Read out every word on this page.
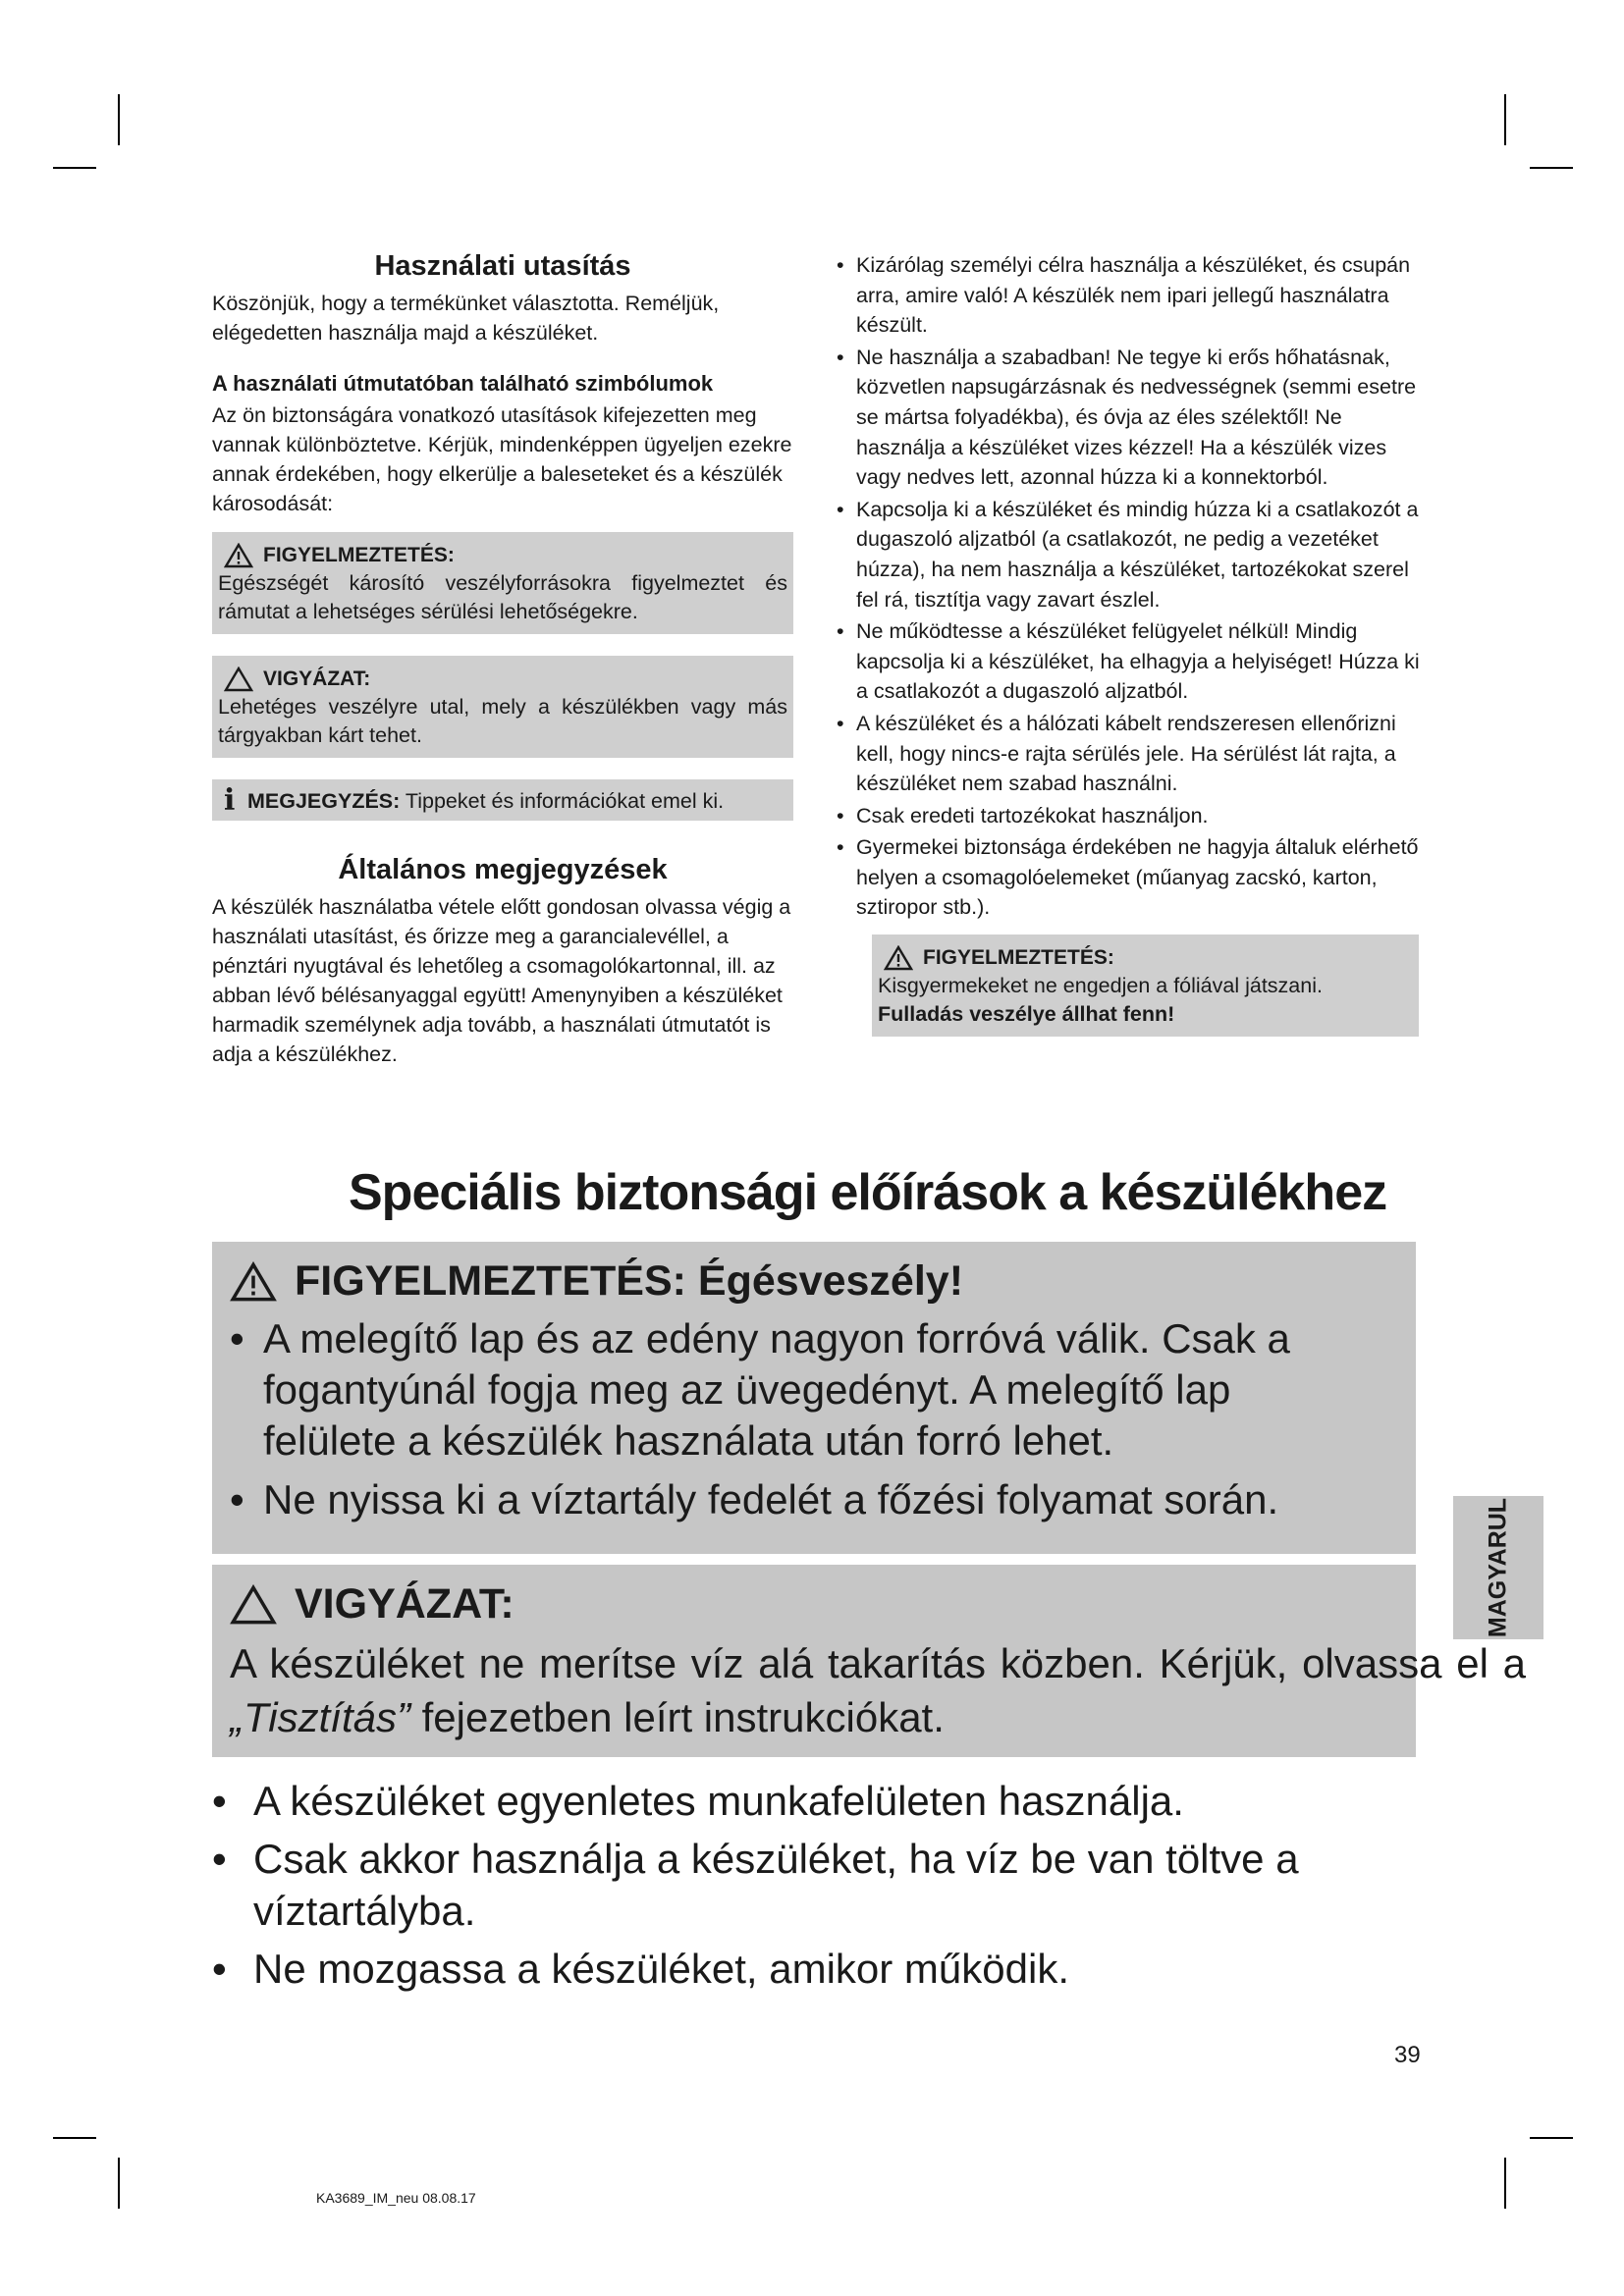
Használati utasítás

Köszönjük, hogy a termékünket választotta. Reméljük, elégedetten használja majd a készüléket.

A használati útmutatóban található szimbólumok

Az ön biztonságára vonatkozó utasítások kifejezetten meg vannak különböztetve. Kérjük, mindenképpen ügyeljen ezekre annak érdekében, hogy elkerülje a baleseteket és a készülék károsodását:

FIGYELMEZTETÉS:
Egészségét károsító veszélyforrásokra figyelmeztet és rámutat a lehetséges sérülési lehetőségekre.
VIGYÁZAT:
Lehetéges veszélyre utal, mely a készülékben vagy más tárgyakban kárt tehet.
i MEGJEGYZÉS: Tippeket és információkat emel ki.
Általános megjegyzések

A készülék használatba vétele előtt gondosan olvassa végig a használati utasítást, és őrizze meg a garancialevéllel, a pénztári nyugtával és lehetőleg a csomagolókartonnal, ill. az abban lévő bélésanyaggal együtt! Amenynyiben a készüléket harmadik személynek adja tovább, a használati útmutatót is adja a készülékhez.

• Kizárólag személyi célra használja a készüléket, és csupán arra, amire való! A készülék nem ipari jellegű használatra készült.
• Ne használja a szabadban! Ne tegye ki erős hőhatásnak, közvetlen napsugárzásnak és nedvességnek (semmi esetre se mártsa folyadékba), és óvja az éles szélektől! Ne használja a készüléket vizes kézzel! Ha a készülék vizes vagy nedves lett, azonnal húzza ki a konnektorból.
• Kapcsolja ki a készüléket és mindig húzza ki a csatlakozót a dugaszoló aljzatból (a csatlakozót, ne pedig a vezetéket húzza), ha nem használja a készüléket, tartozékokat szerel fel rá, tisztítja vagy zavart észlel.
• Ne működtesse a készüléket felügyelet nélkül! Mindig kapcsolja ki a készüléket, ha elhagyja a helyiséget! Húzza ki a csatlakozót a dugaszoló aljzatból.
• A készüléket és a hálózati kábelt rendszeresen ellenőrizni kell, hogy nincs-e rajta sérülés jele. Ha sérülést lát rajta, a készüléket nem szabad használni.
• Csak eredeti tartozékokat használjon.
• Gyermekei biztonsága érdekében ne hagyja általuk elérhető helyen a csomagolóelemeket (műanyag zacskó, karton, sztiropor stb.).
FIGYELMEZTETÉS:
Kisgyermekeket ne engedjen a fóliával játszani. Fulladás veszélye állhat fenn!
Speciális biztonsági előírások a készülékhez
FIGYELMEZTETÉS: Égésveszély!
• A melegítő lap és az edény nagyon forróvá válik. Csak a fogantyúnál fogja meg az üvegedényt. A melegítő lap felülete a készülék használata után forró lehet.
• Ne nyissa ki a víztartály fedelét a főzési folyamat során.
VIGYÁZAT:
A készüléket ne merítse víz alá takarítás közben. Kérjük, olvassa el a „Tisztítás” fejezetben leírt instrukciókat.
• A készüléket egyenletes munkafelületen használja.
• Csak akkor használja a készüléket, ha víz be van töltve a víztartályba.
• Ne mozgassa a készüléket, amikor működik.
MAGYARUL
39
KA3689_IM_neu 08.08.17
